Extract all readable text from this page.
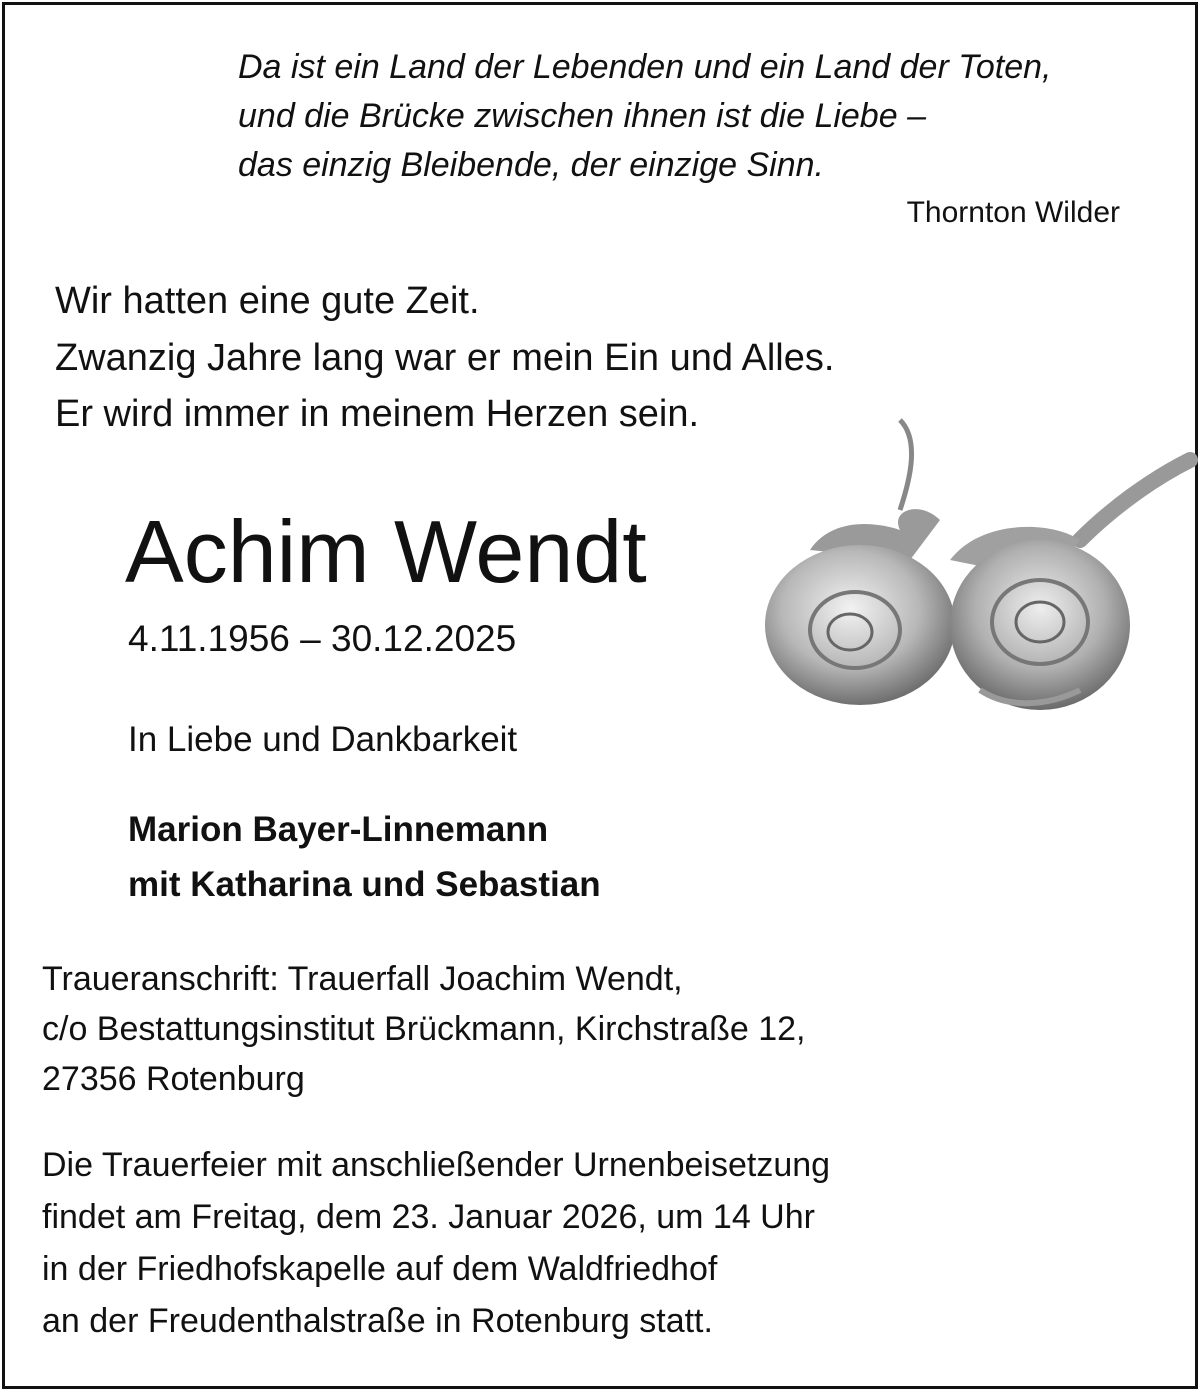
Da ist ein Land der Lebenden und ein Land der Toten,
und die Brücke zwischen ihnen ist die Liebe –
das einzig Bleibende, der einzige Sinn.
Thornton Wilder
Wir hatten eine gute Zeit.
Zwanzig Jahre lang war er mein Ein und Alles.
Er wird immer in meinem Herzen sein.
Achim Wendt
4.11.1956 – 30.12.2025
In Liebe und Dankbarkeit
Marion Bayer-Linnemann
mit Katharina und Sebastian
Traueranschrift: Trauerfall Joachim Wendt,
c/o Bestattungsinstitut Brückmann, Kirchstraße 12,
27356 Rotenburg
Die Trauerfeier mit anschließender Urnenbeisetzung
findet am Freitag, dem 23. Januar 2026, um 14 Uhr
in der Friedhofskapelle auf dem Waldfriedhof
an der Freudenthalstraße in Rotenburg statt.
